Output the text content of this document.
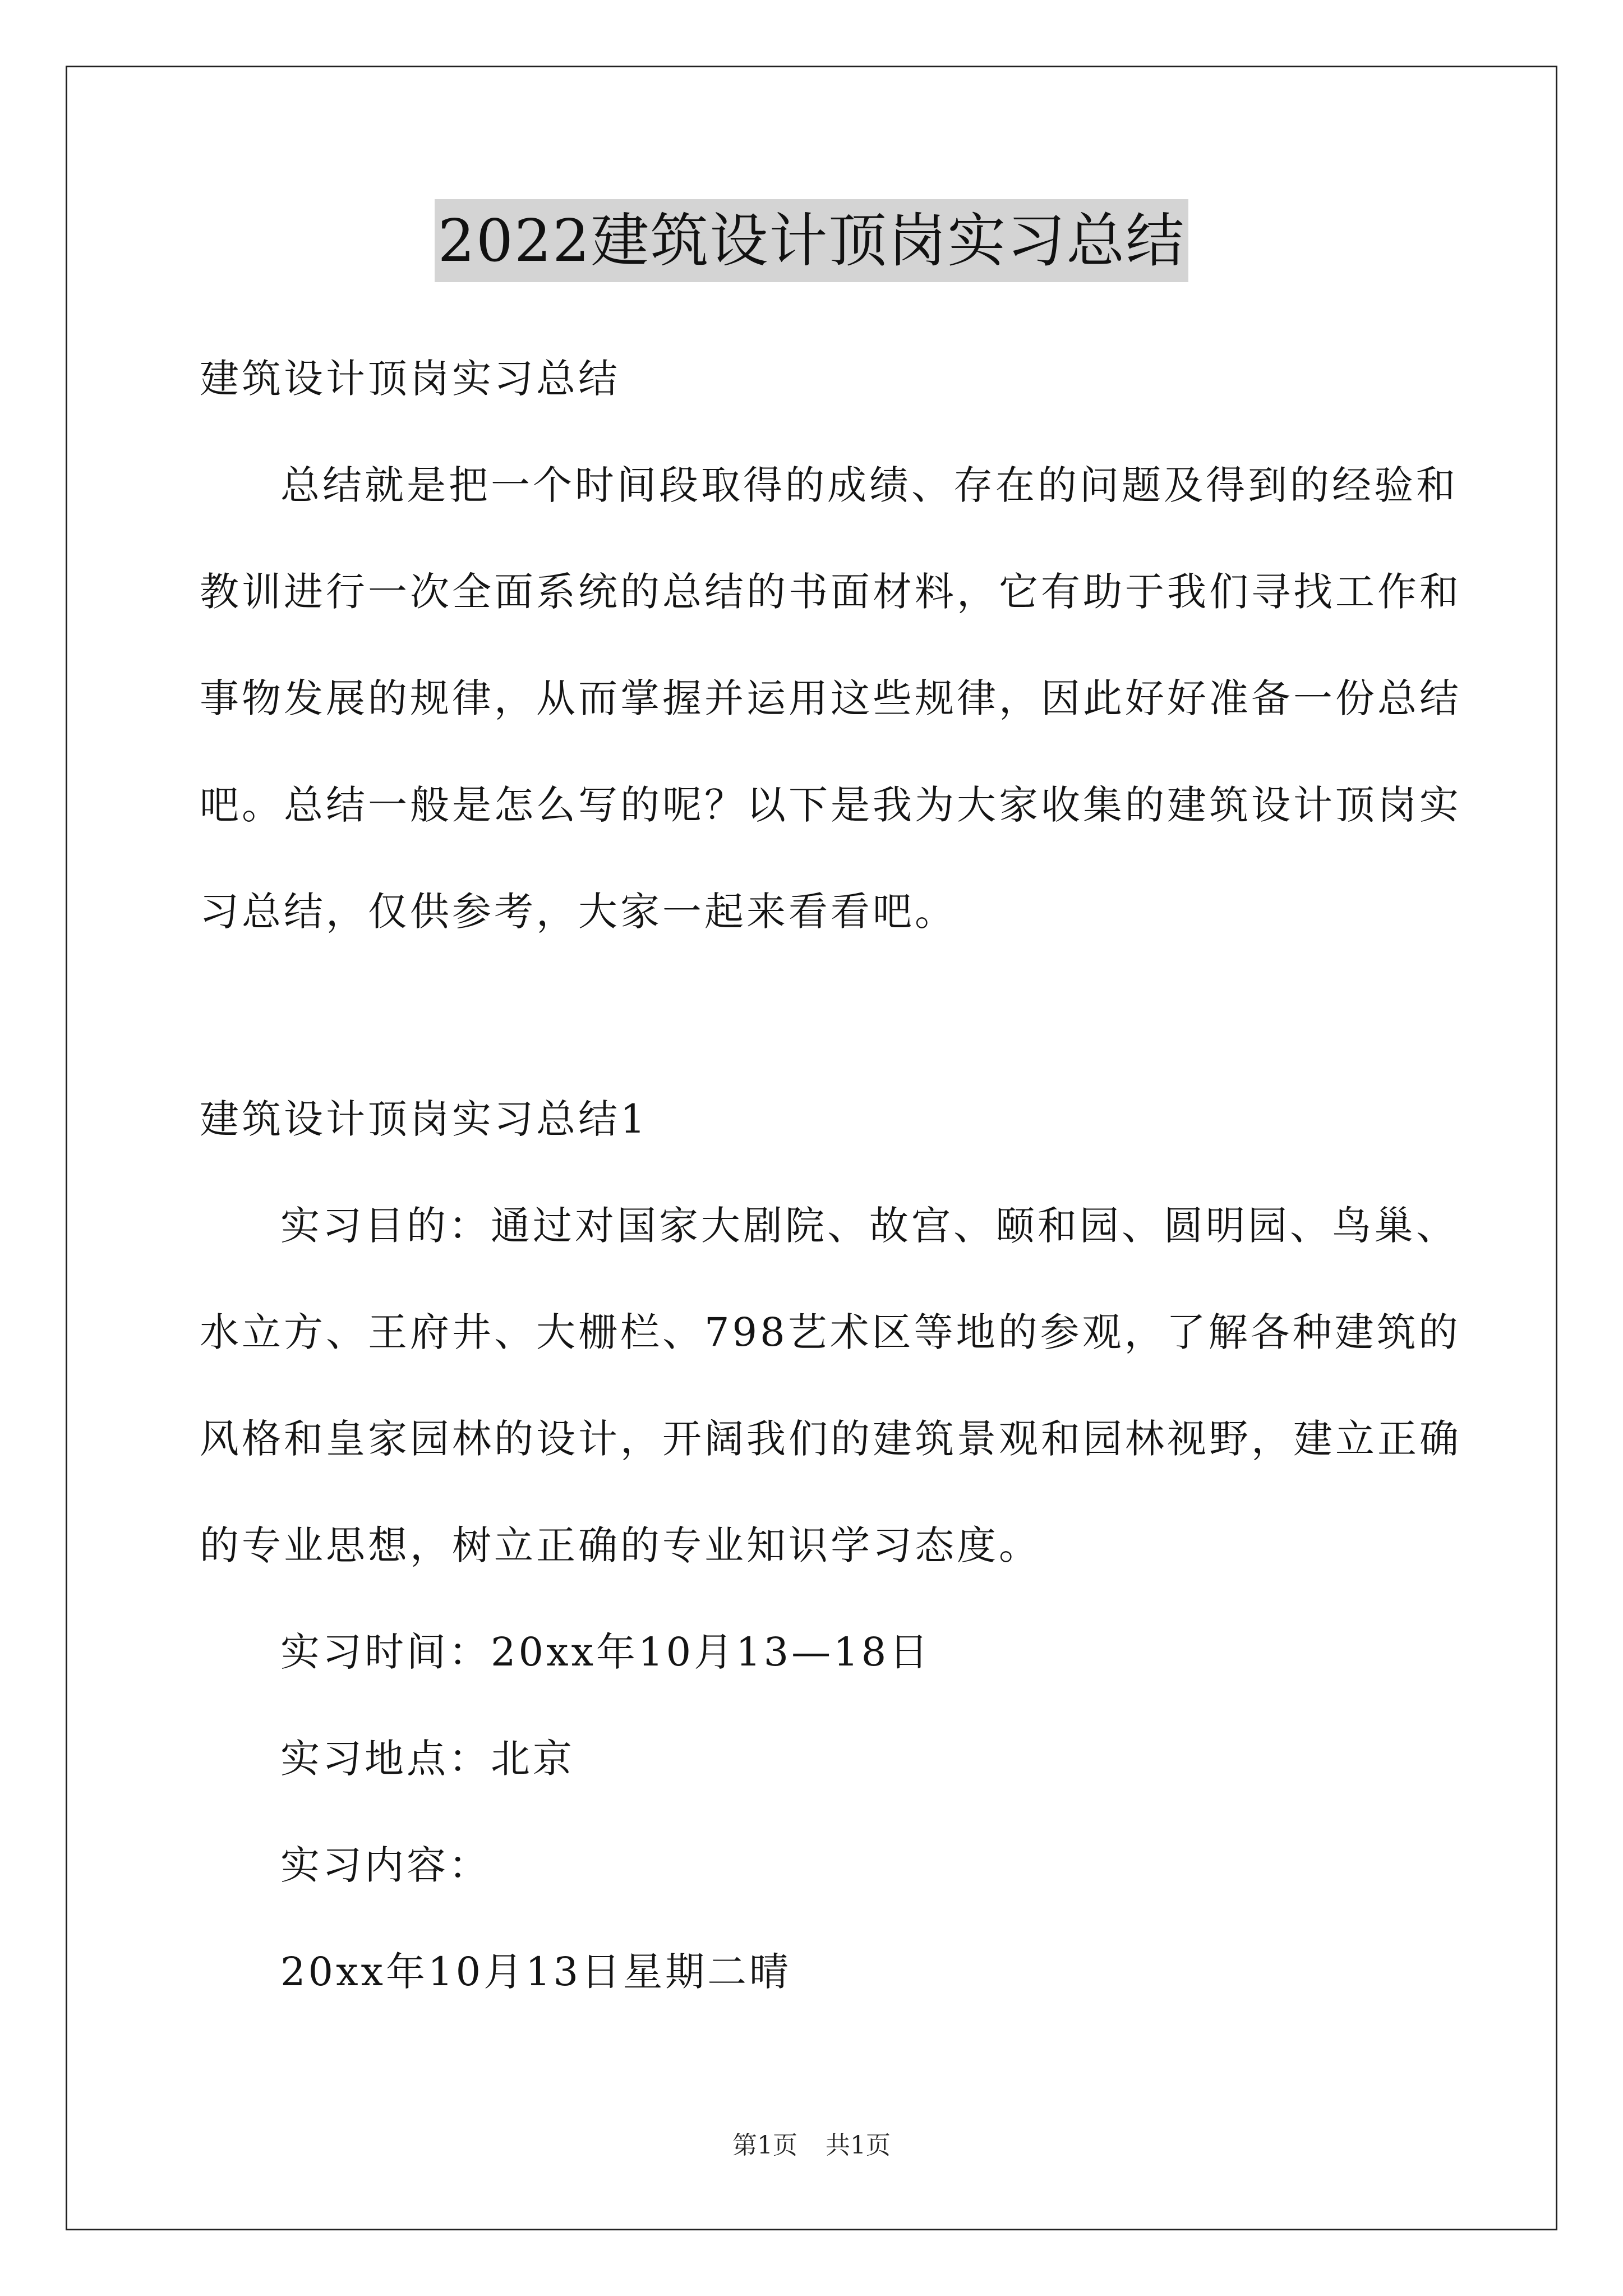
2022建筑设计顶岗实习总结
建筑设计顶岗实习总结
总结就是把一个时间段取得的成绩、存在的问题及得到的经验和
教训进行一次全面系统的总结的书面材料，它有助于我们寻找工作和
事物发展的规律，从而掌握并运用这些规律，因此好好准备一份总结
吧。总结一般是怎么写的呢？以下是我为大家收集的建筑设计顶岗实
习总结，仅供参考，大家一起来看看吧。
建筑设计顶岗实习总结1
实习目的：通过对国家大剧院、故宫、颐和园、圆明园、鸟巢、
水立方、王府井、大栅栏、798艺术区等地的参观，了解各种建筑的
风格和皇家园林的设计，开阔我们的建筑景观和园林视野，建立正确
的专业思想，树立正确的专业知识学习态度。
实习时间：20xx年10月13—18日
实习地点：北京
实习内容：
20xx年10月13日星期二晴
第1页 共1页
